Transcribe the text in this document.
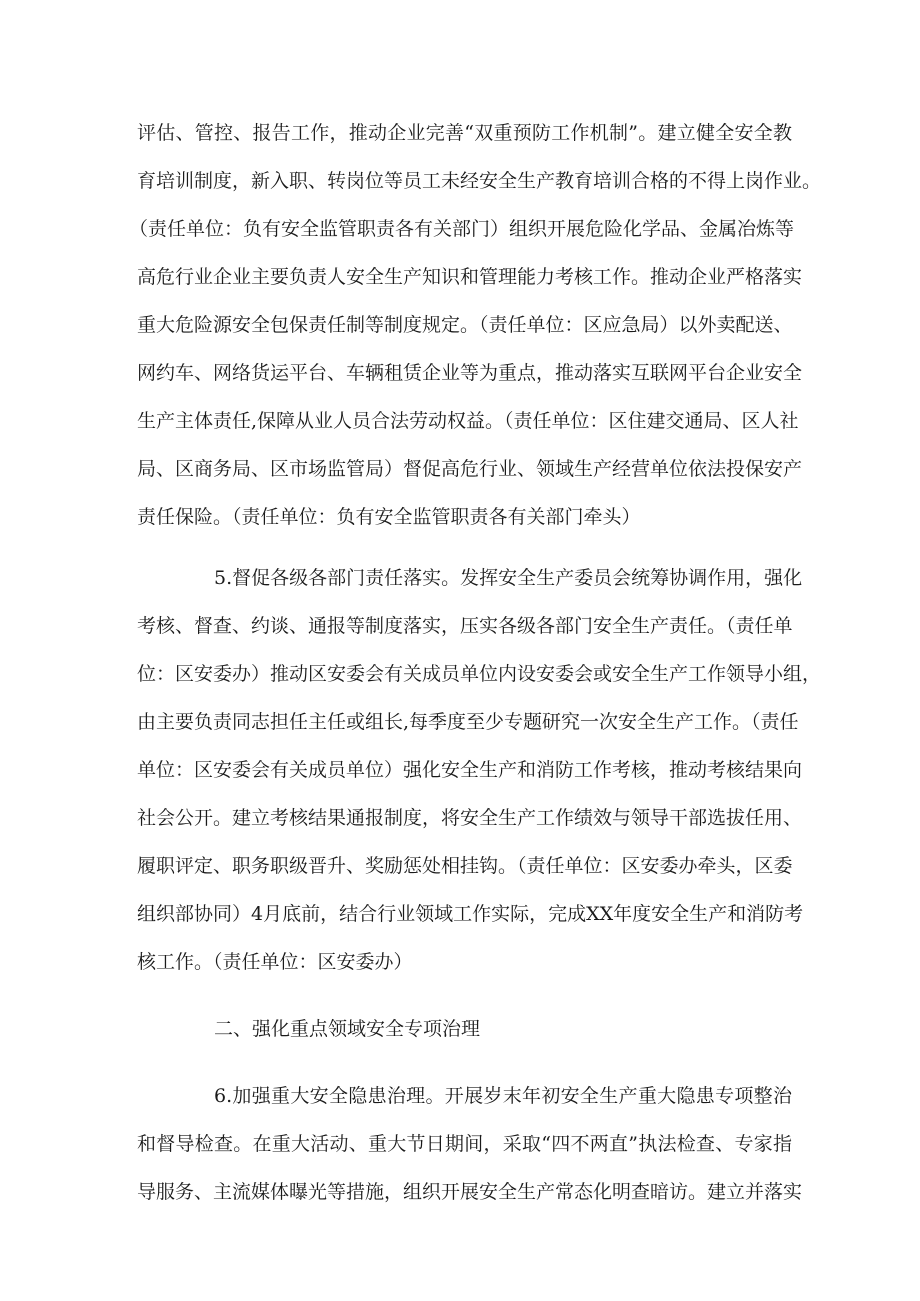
评估、管控、报告工作，推动企业完善“双重预防工作机制”。建立健全安全教
育培训制度，新入职、转岗位等员工未经安全生产教育培训合格的不得上岗作业。
（责任单位：负有安全监管职责各有关部门）组织开展危险化学品、金属冶炼等
高危行业企业主要负责人安全生产知识和管理能力考核工作。推动企业严格落实
重大危险源安全包保责任制等制度规定。（责任单位：区应急局）以外卖配送、
网约车、网络货运平台、车辆租赁企业等为重点，推动落实互联网平台企业安全
生产主体责任,保障从业人员合法劳动权益。（责任单位：区住建交通局、区人社
局、区商务局、区市场监管局）督促高危行业、领域生产经营单位依法投保安产
责任保险。（责任单位：负有安全监管职责各有关部门牵头）
5.督促各级各部门责任落实。发挥安全生产委员会统筹协调作用，强化
考核、督查、约谈、通报等制度落实，压实各级各部门安全生产责任。（责任单
位：区安委办）推动区安委会有关成员单位内设安委会或安全生产工作领导小组，
由主要负责同志担任主任或组长,每季度至少专题研究一次安全生产工作。（责任
单位：区安委会有关成员单位）强化安全生产和消防工作考核，推动考核结果向
社会公开。建立考核结果通报制度，将安全生产工作绩效与领导干部选拔任用、
履职评定、职务职级晋升、奖励惩处相挂钩。（责任单位：区安委办牵头，区委
组织部协同）4月底前，结合行业领域工作实际，完成XX年度安全生产和消防考
核工作。（责任单位：区安委办）
二、强化重点领域安全专项治理
6.加强重大安全隐患治理。开展岁末年初安全生产重大隐患专项整治
和督导检查。在重大活动、重大节日期间，采取“四不两直”执法检查、专家指
导服务、主流媒体曝光等措施，组织开展安全生产常态化明查暗访。建立并落实
